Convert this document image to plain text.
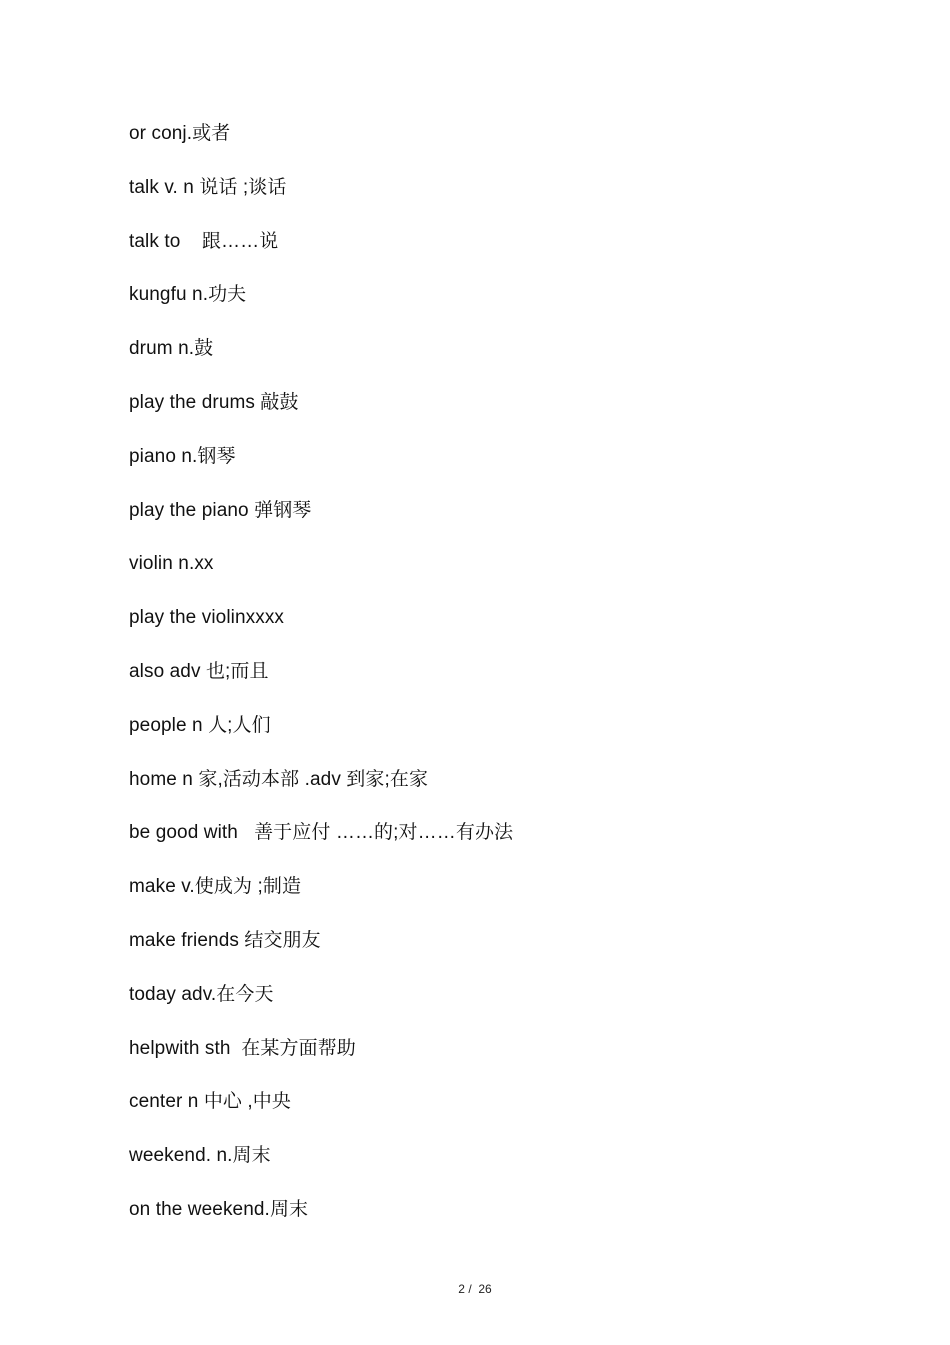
or conj.或者
talk v. n 说话 ;谈话
talk to    跟……说
kungfu n.功夫
drum n.鼓
play the drums 敲鼓
piano n.钢琴
play the piano 弹钢琴
violin n.xx
play the violinxxxx
also adv 也;而且
people n 人;人们
home n 家,活动本部 .adv 到家;在家
be good with   善于应付 ……的;对……有办法
make v.使成为 ;制造
make friends 结交朋友
today adv.在今天
helpwith sth  在某方面帮助
center n 中心 ,中央
weekend. n.周末
on the weekend.周末
2 /  26
